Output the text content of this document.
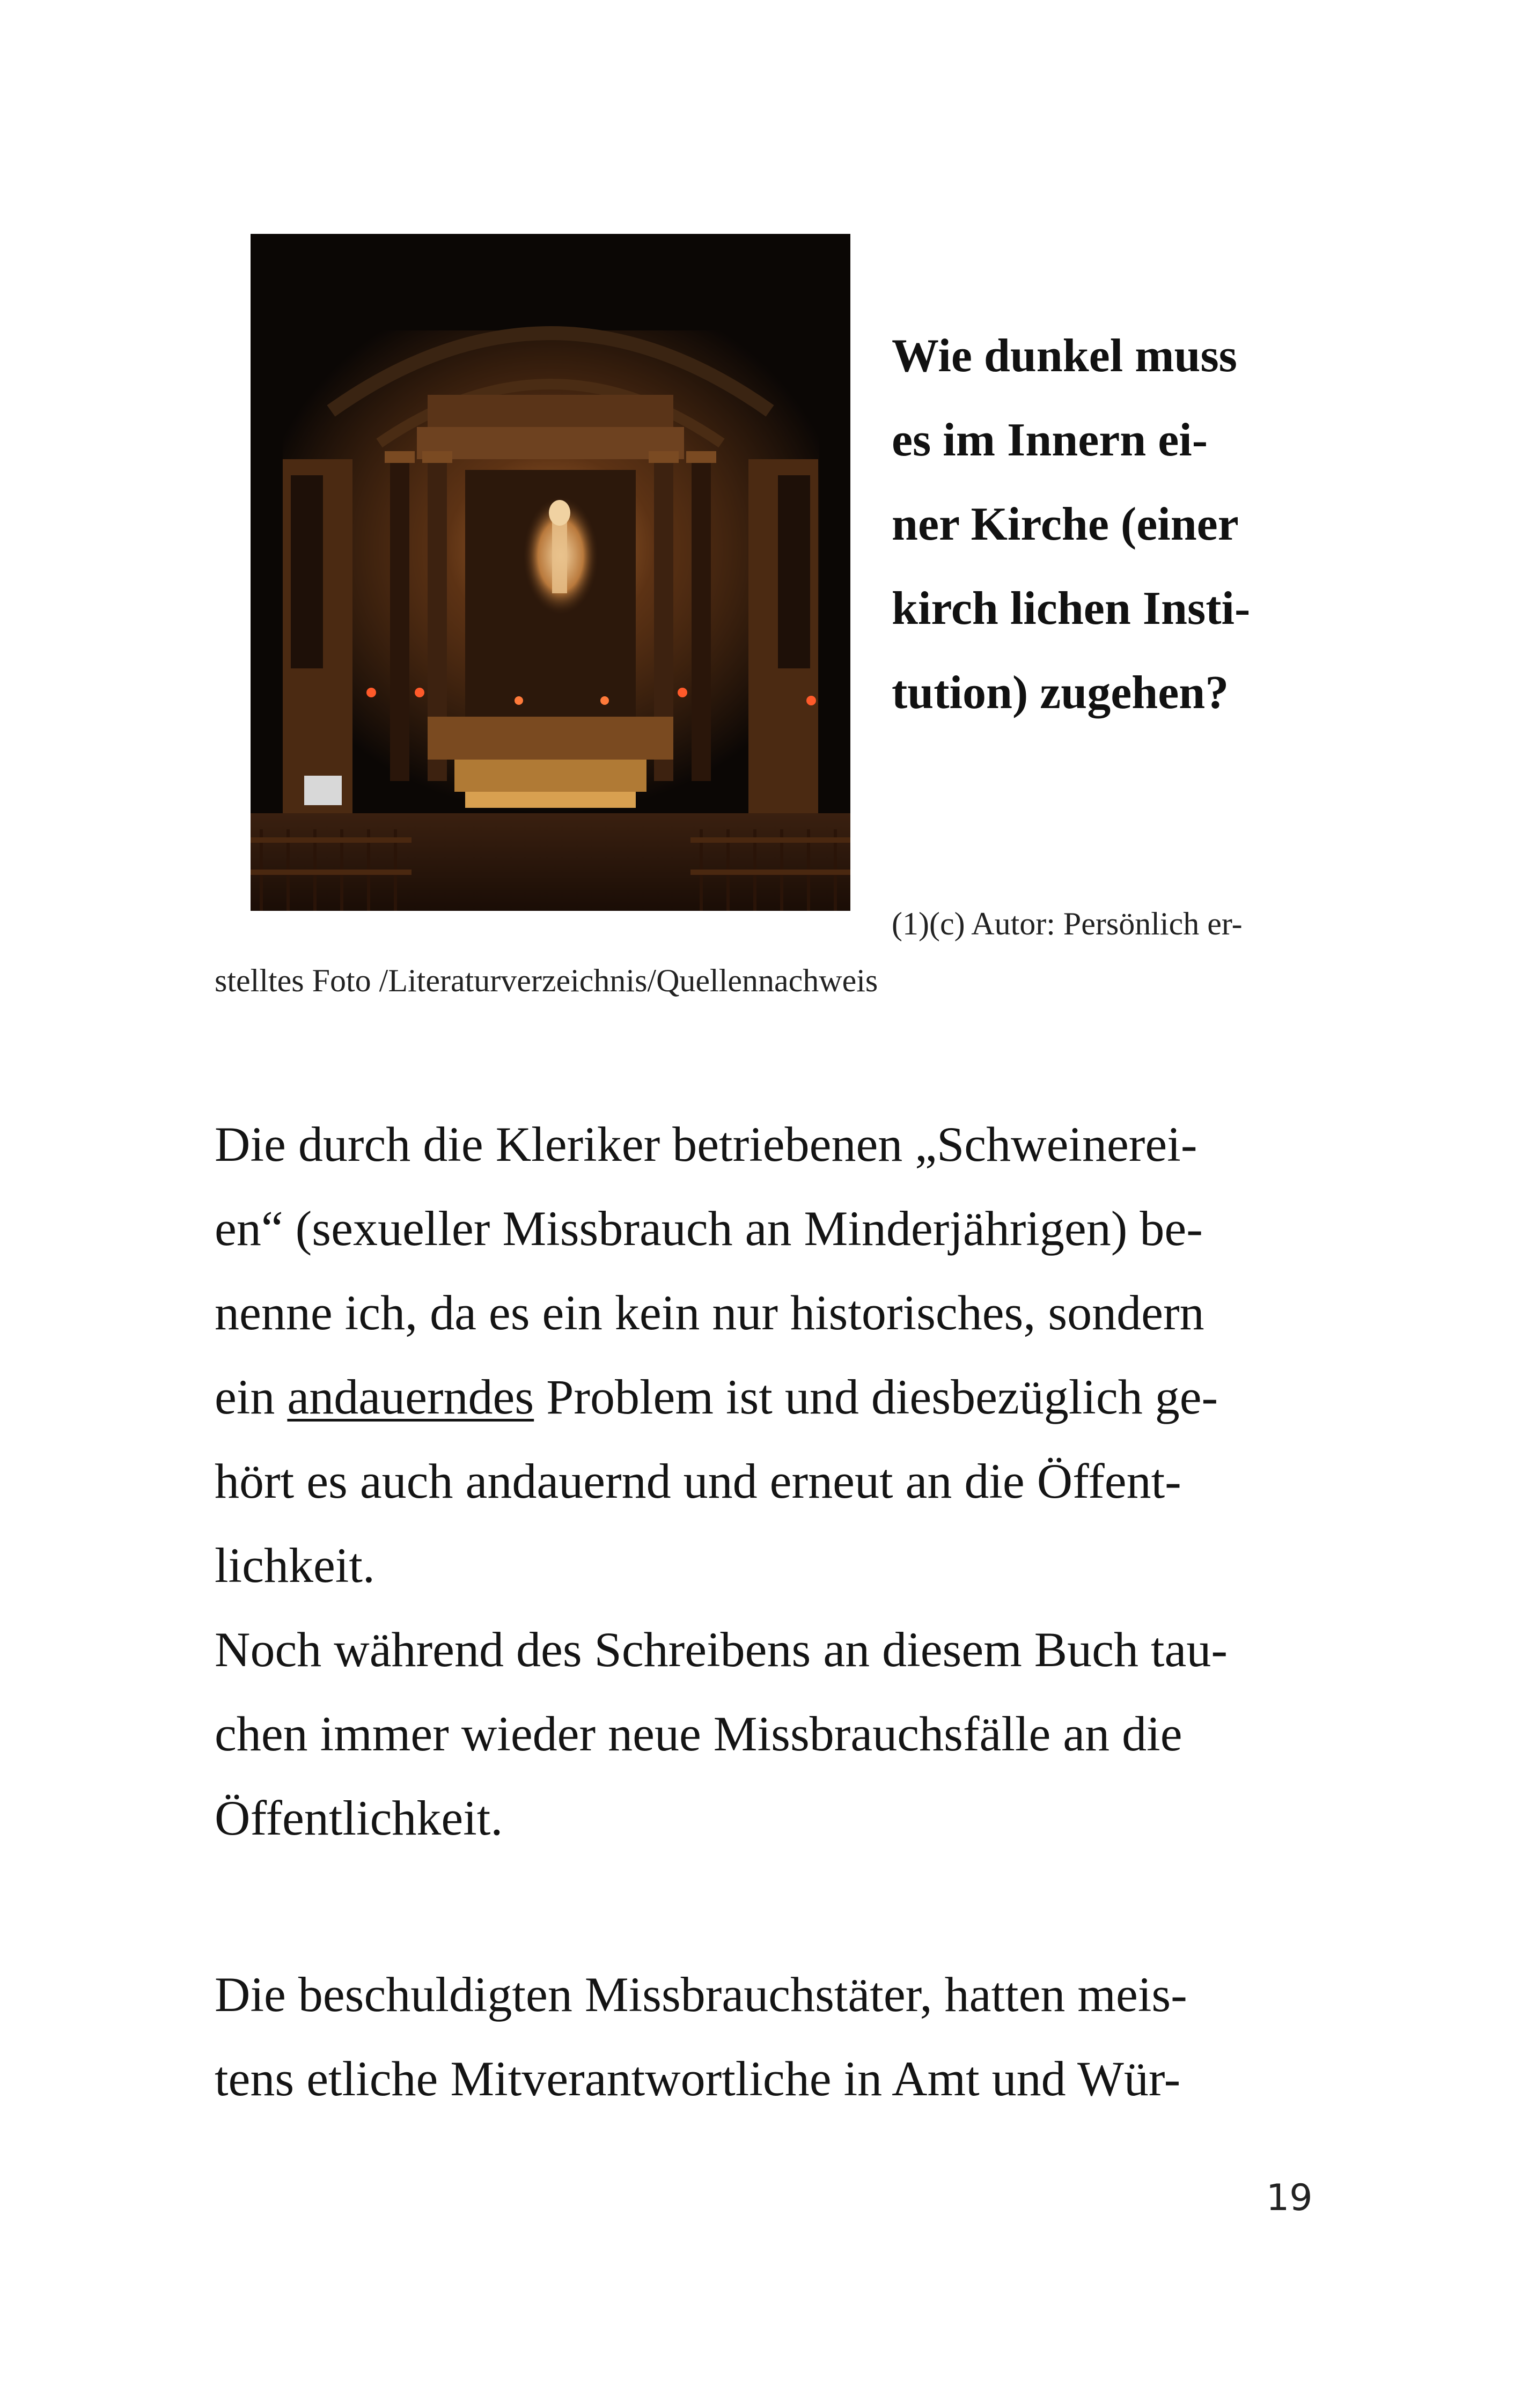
Wie dunkel muss
es im Innern ei-
ner Kirche (einer
kirch lichen Insti-
tution) zugehen?
(1)(c) Autor: Persönlich er-
stelltes Foto /Literaturverzeichnis/Quellennachweis
Die durch die Kleriker betriebenen „Schweinerei-
en“ (sexueller Missbrauch an Minderjährigen) be-
nenne ich, da es ein kein nur historisches, sondern
ein andauerndes Problem ist und diesbezüglich ge-
hört es auch andauernd und erneut an die Öffent-
lichkeit.
Noch während des Schreibens an diesem Buch tau-
chen immer wieder neue Missbrauchsfälle an die
Öffentlichkeit.
Die beschuldigten Missbrauchstäter, hatten meis-
tens etliche Mitverantwortliche in Amt und Wür-
19
